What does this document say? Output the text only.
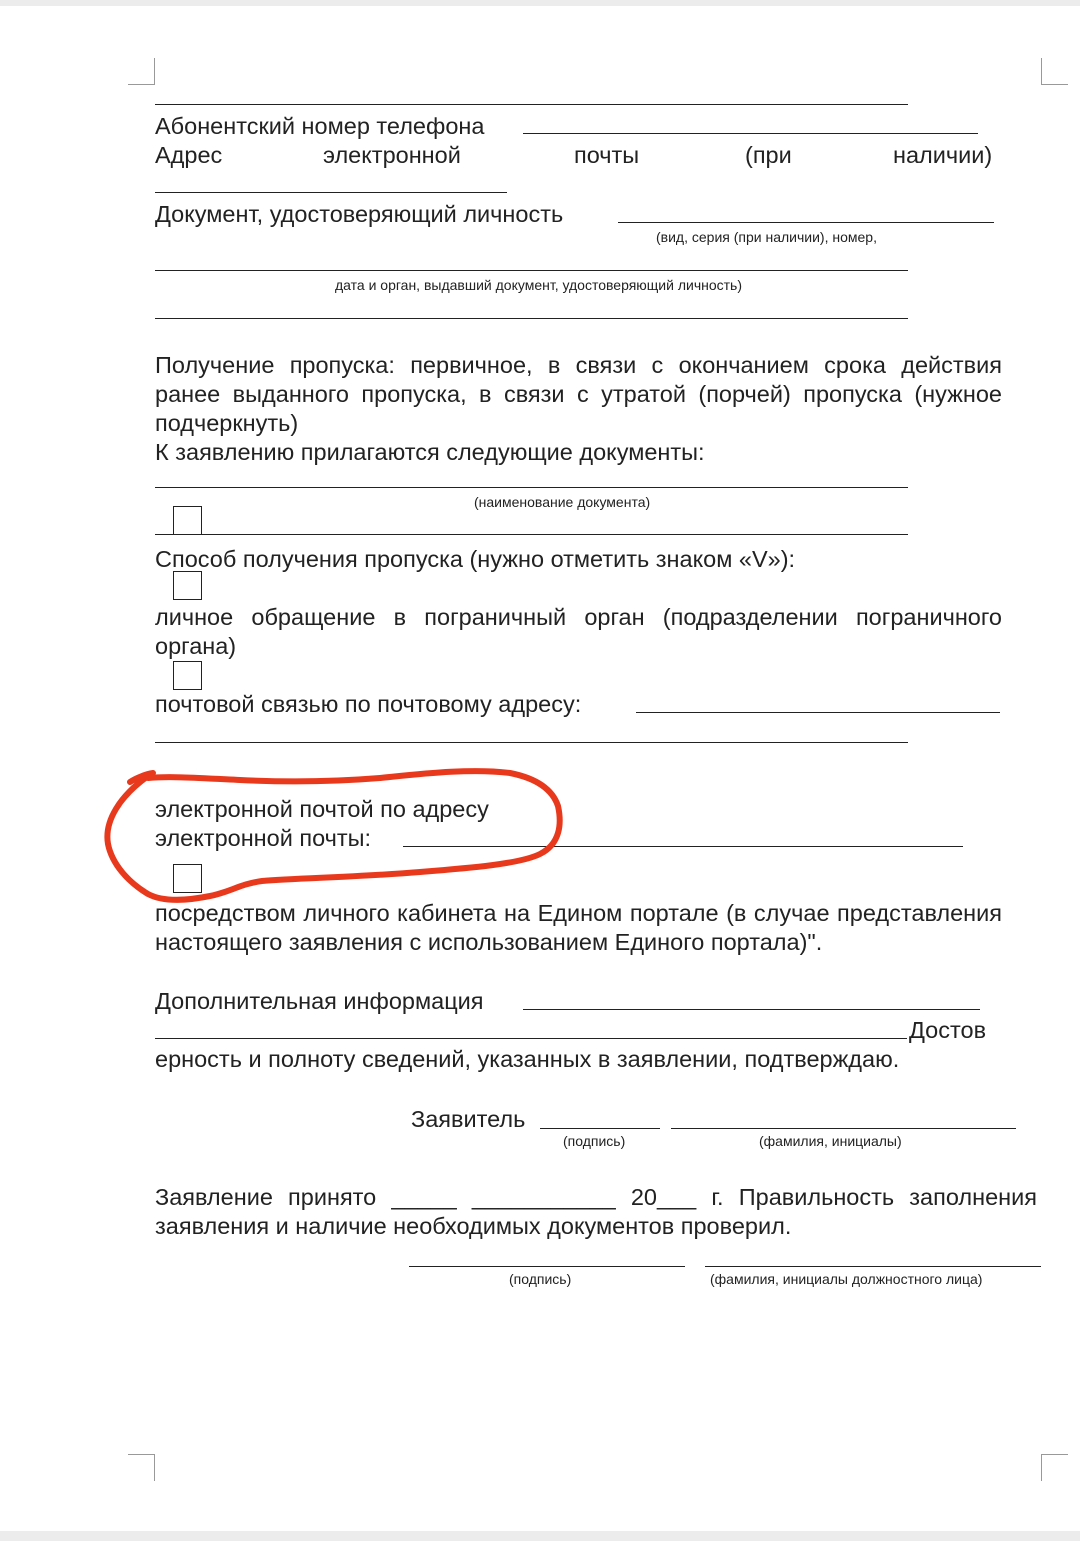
Абонентский номер телефона
Адрес	электронной	почты	(при	наличии)
Документ, удостоверяющий личность
(вид, серия (при наличии), номер,
дата и орган, выдавший документ, удостоверяющий личность)
Получение пропуска: первичное, в связи с окончанием срока действия ранее выданного пропуска, в связи с утратой (порчей) пропуска (нужное подчеркнуть)
К заявлению прилагаются следующие документы:
(наименование документа)
Способ получения пропуска (нужно отметить знаком «V»):
личное обращение в пограничный орган (подразделении пограничного органа)
почтовой связью по почтовому адресу:
электронной почтой по адресу
электронной почты:
посредством личного кабинета на Едином портале (в случае представления настоящего заявления с использованием Единого портала)".
Дополнительная информация
Достов
ерность и полноту сведений, указанных в заявлении, подтверждаю.
Заявитель
(подпись)	(фамилия, инициалы)
Заявление принято _____ ___________ 20___ г. Правильность заполнения заявления и наличие необходимых документов проверил.
(подпись)	(фамилия, инициалы должностного лица)
